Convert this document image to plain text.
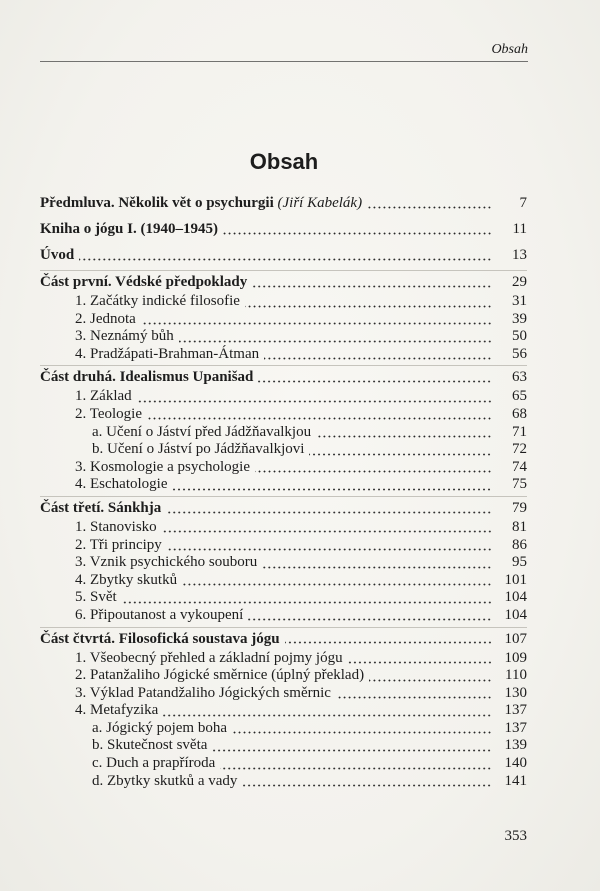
Obsah
Obsah
Předmluva. Několik vět o psychurgii (Jiří Kabelák)	7
Kniha o jógu I. (1940–1945)	11
Úvod	13
Část první. Védské předpoklady	29
1. Začátky indické filosofie	31
2. Jednota	39
3. Neznámý bůh	50
4. Pradžápati-Brahman-Átman	56
Část druhá. Idealismus Upanišad	63
1. Základ	65
2. Teologie	68
a. Učení o Jáství před Jádžňavalkjou	71
b. Učení o Jáství po Jádžňavalkjovi	72
3. Kosmologie a psychologie	74
4. Eschatologie	75
Část třetí. Sánkhja	79
1. Stanovisko	81
2. Tři principy	86
3. Vznik psychického souboru	95
4. Zbytky skutků	101
5. Svět	104
6. Připoutanost a vykoupení	104
Část čtvrtá. Filosofická soustava jógu	107
1. Všeobecný přehled a základní pojmy jógu	109
2. Patanžaliho Jógické směrnice (úplný překlad)	110
3. Výklad Patandžaliho Jógických směrnic	130
4. Metafyzika	137
a. Jógický pojem boha	137
b. Skutečnost světa	139
c. Duch a prapříroda	140
d. Zbytky skutků a vady	141
353
